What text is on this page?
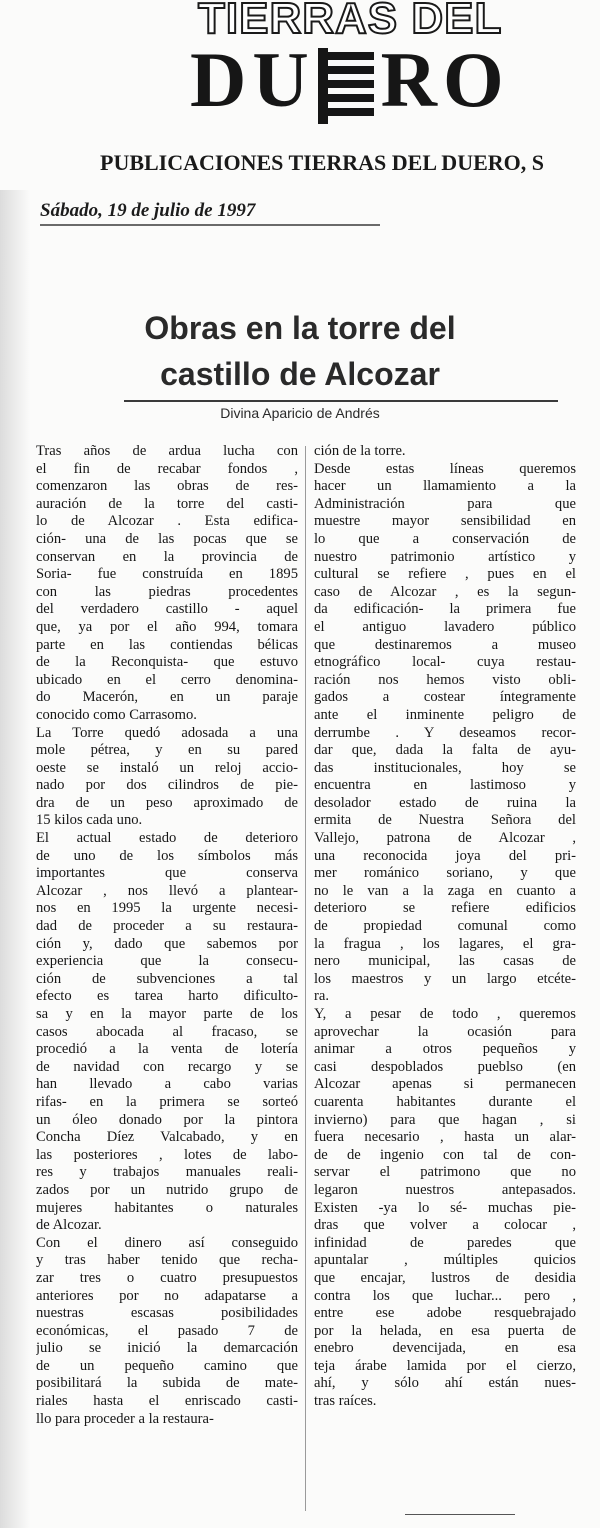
TIERRAS DEL
DU RO
PUBLICACIONES TIERRAS DEL DUERO, S
Sábado, 19 de julio de 1997
Obras en la torre del
castillo de Alcozar
Divina Aparicio de Andrés
Tras años de ardua lucha con
el fin de recabar fondos ,
comenzaron las obras de res-
auración de la torre del casti-
lo de Alcozar . Esta edifica-
ción- una de las pocas que se
conservan en la provincia de
Soria- fue construída en 1895
con las piedras procedentes
del verdadero castillo - aquel
que, ya por el año 994, tomara
parte en las contiendas bélicas
de la Reconquista- que estuvo
ubicado en el cerro denomina-
do Macerón, en un paraje
conocido como Carrasomo.
La Torre quedó adosada a una
mole pétrea, y en su pared
oeste se instaló un reloj accio-
nado por dos cilindros de pie-
dra de un peso aproximado de
15 kilos cada uno.
El actual estado de deterioro
de uno de los símbolos más
importantes que conserva
Alcozar , nos llevó a plantear-
nos en 1995 la urgente necesi-
dad de proceder a su restaura-
ción y, dado que sabemos por
experiencia que la consecu-
ción de subvenciones a tal
efecto es tarea harto dificulto-
sa y en la mayor parte de los
casos abocada al fracaso, se
procedió a la venta de lotería
de navidad con recargo y se
han llevado a cabo varias
rifas- en la primera se sorteó
un óleo donado por la pintora
Concha Díez Valcabado, y en
las posteriores , lotes de labo-
res y trabajos manuales reali-
zados por un nutrido grupo de
mujeres habitantes o naturales
de Alcozar.
Con el dinero así conseguido
y tras haber tenido que recha-
zar tres o cuatro presupuestos
anteriores por no adapatarse a
nuestras escasas posibilidades
económicas, el pasado 7 de
julio se inició la demarcación
de un pequeño camino que
posibilitará la subida de mate-
riales hasta el enriscado casti-
llo para proceder a la restaura-
ción de la torre.
Desde estas líneas queremos
hacer un llamamiento a la
Administración para que
muestre mayor sensibilidad en
lo que a conservación de
nuestro patrimonio artístico y
cultural se refiere , pues en el
caso de Alcozar , es la segun-
da edificación- la primera fue
el antiguo lavadero público
que destinaremos a museo
etnográfico local- cuya restau-
ración nos hemos visto obli-
gados a costear íntegramente
ante el inminente peligro de
derrumbe . Y deseamos recor-
dar que, dada la falta de ayu-
das institucionales, hoy se
encuentra en lastimoso y
desolador estado de ruina la
ermita de Nuestra Señora del
Vallejo, patrona de Alcozar ,
una reconocida joya del pri-
mer románico soriano, y que
no le van a la zaga en cuanto a
deterioro se refiere edificios
de propiedad comunal como
la fragua , los lagares, el gra-
nero municipal, las casas de
los maestros y un largo etcéte-
ra.
Y, a pesar de todo , queremos
aprovechar la ocasión para
animar a otros pequeños y
casi despoblados pueblso (en
Alcozar apenas si permanecen
cuarenta habitantes durante el
invierno) para que hagan , si
fuera necesario , hasta un alar-
de de ingenio con tal de con-
servar el patrimono que no
legaron nuestros antepasados.
Existen -ya lo sé- muchas pie-
dras que volver a colocar ,
infinidad de paredes que
apuntalar , múltiples quicios
que encajar, lustros de desidia
contra los que luchar... pero ,
entre ese adobe resquebrajado
por la helada, en esa puerta de
enebro devencijada, en esa
teja árabe lamida por el cierzo,
ahí, y sólo ahí están nues-
tras raíces.
